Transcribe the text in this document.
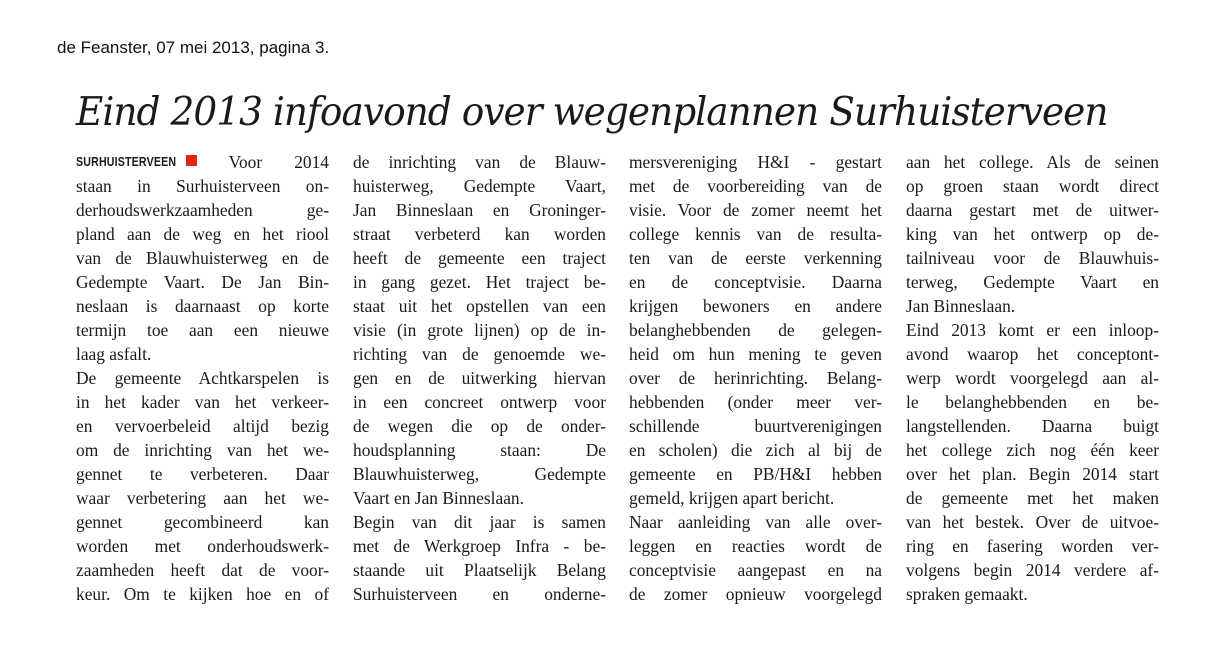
de Feanster, 07 mei 2013, pagina 3.
Eind 2013 infoavond over wegenplannen Surhuisterveen
SURHUISTERVEEN	Voor 2014
staan in Surhuisterveen on-
derhoudswerkzaamheden ge-
pland aan de weg en het riool
van de Blauwhuisterweg en de
Gedempte Vaart. De Jan Bin-
neslaan is daarnaast op korte
termijn toe aan een nieuwe
laag asfalt.
De gemeente Achtkarspelen is
in het kader van het verkeer-
en vervoerbeleid altijd bezig
om de inrichting van het we-
gennet te verbeteren. Daar
waar verbetering aan het we-
gennet gecombineerd kan
worden met onderhoudswerk-
zaamheden heeft dat de voor-
keur. Om te kijken hoe en of
de inrichting van de Blauw-
huisterweg, Gedempte Vaart,
Jan Binneslaan en Groninger-
straat verbeterd kan worden
heeft de gemeente een traject
in gang gezet. Het traject be-
staat uit het opstellen van een
visie (in grote lijnen) op de in-
richting van de genoemde we-
gen en de uitwerking hiervan
in een concreet ontwerp voor
de wegen die op de onder-
houdsplanning staan: De
Blauwhuisterweg, Gedempte
Vaart en Jan Binneslaan.
Begin van dit jaar is samen
met de Werkgroep Infra - be-
staande uit Plaatselijk Belang
Surhuisterveen en onderne-
mersvereniging H&I - gestart
met de voorbereiding van de
visie. Voor de zomer neemt het
college kennis van de resulta-
ten van de eerste verkenning
en de conceptvisie. Daarna
krijgen bewoners en andere
belanghebbenden de gelegen-
heid om hun mening te geven
over de herinrichting. Belang-
hebbenden (onder meer ver-
schillende buurtverenigingen
en scholen) die zich al bij de
gemeente en PB/H&I hebben
gemeld, krijgen apart bericht.
Naar aanleiding van alle over-
leggen en reacties wordt de
conceptvisie aangepast en na
de zomer opnieuw voorgelegd
aan het college. Als de seinen
op groen staan wordt direct
daarna gestart met de uitwer-
king van het ontwerp op de-
tailniveau voor de Blauwhuis-
terweg, Gedempte Vaart en
Jan Binneslaan.
Eind 2013 komt er een inloop-
avond waarop het conceptont-
werp wordt voorgelegd aan al-
le belanghebbenden en be-
langstellenden. Daarna buigt
het college zich nog één keer
over het plan. Begin 2014 start
de gemeente met het maken
van het bestek. Over de uitvoe-
ring en fasering worden ver-
volgens begin 2014 verdere af-
spraken gemaakt.
